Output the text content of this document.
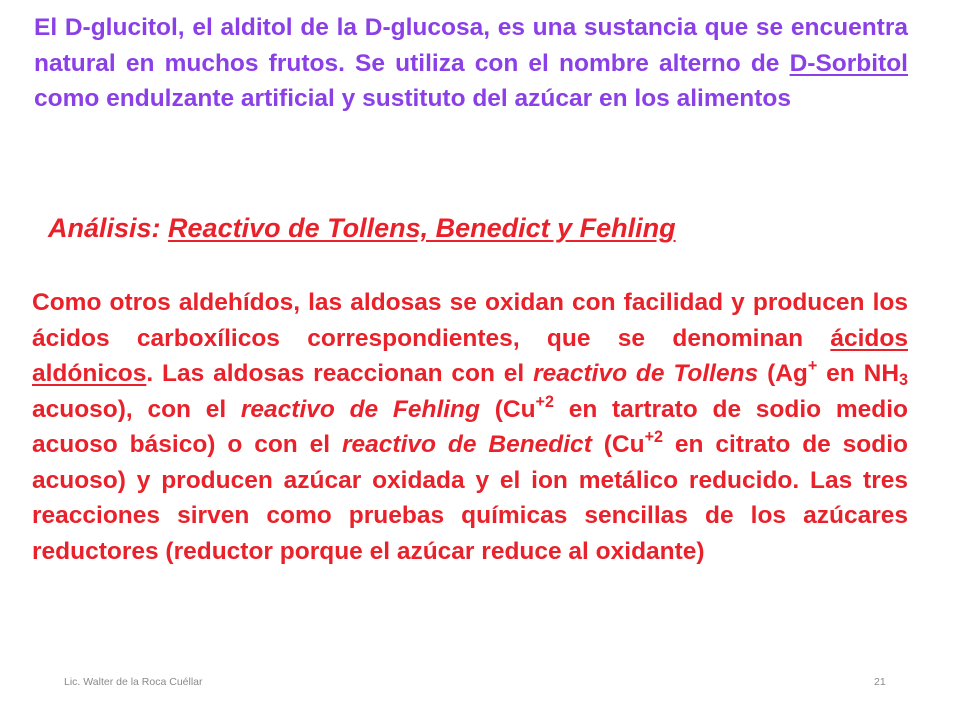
El D-glucitol, el alditol de la D-glucosa, es una sustancia que se encuentra natural en muchos frutos. Se utiliza con el nombre alterno de D-Sorbitol como endulzante artificial y sustituto del azúcar en los alimentos

Análisis: Reactivo de Tollens, Benedict y Fehling

Como otros aldehídos, las aldosas se oxidan con facilidad y producen los ácidos carboxílicos correspondientes, que se denominan ácidos aldónicos. Las aldosas reaccionan con el reactivo de Tollens (Ag+ en $NH_3$ acuoso), con el reactivo de Fehling ($Cu^{+2}$ en tartrato de sodio medio acuoso básico) o con el reactivo de Benedict ($Cu^{+2}$ en citrato de sodio acuoso) y producen azúcar oxidada y el ion metálico reducido. Las tres reacciones sirven como pruebas químicas sencillas de los azúcares reductores (reductor porque el azúcar reduce al oxidante)

Lic. Walter de la Roca Cuéllar	21
